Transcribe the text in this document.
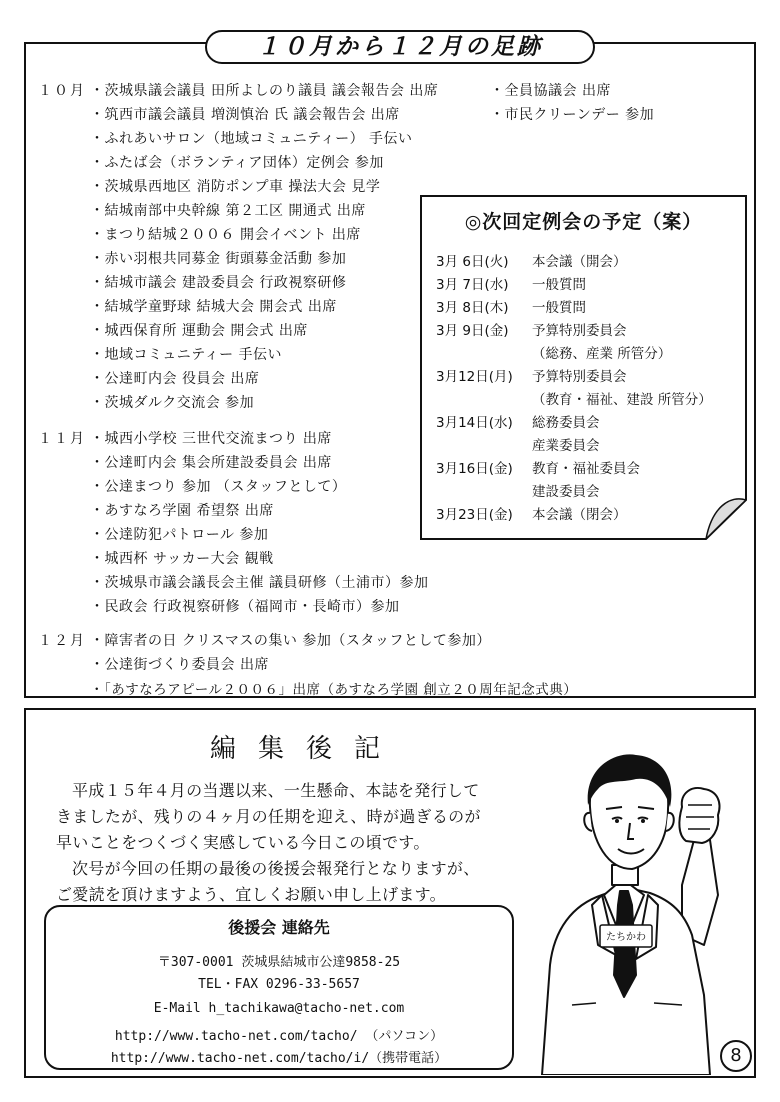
１０月から１２月の足跡
１０月 ・茨城県議会議員 田所よしのり議員 議会報告会 出席
・筑西市議会議員 増渕慎治 氏 議会報告会 出席
・ふれあいサロン（地域コミュニティー） 手伝い
・ふたば会（ボランティア団体）定例会 参加
・茨城県西地区 消防ポンプ車 操法大会 見学
・結城南部中央幹線 第２工区 開通式 出席
・まつり結城２００６ 開会イベント 出席
・赤い羽根共同募金 街頭募金活動 参加
・結城市議会 建設委員会 行政視察研修
・結城学童野球 結城大会 開会式 出席
・城西保育所 運動会 開会式 出席
・地域コミュニティー 手伝い
・公達町内会 役員会 出席
・茨城ダルク交流会 参加
・全員協議会 出席
・市民クリーンデー 参加
１１月 ・城西小学校 三世代交流まつり 出席
・公達町内会 集会所建設委員会 出席
・公達まつり 参加 （スタッフとして）
・あすなろ学園 希望祭 出席
・公達防犯パトロール 参加
・城西杯 サッカー大会 観戦
・茨城県市議会議長会主催 議員研修（土浦市）参加
・民政会 行政視察研修（福岡市・長崎市）参加
１２月 ・障害者の日 クリスマスの集い 参加（スタッフとして参加）
・公達街づくり委員会 出席
・「あすなろアピール２００６」出席（あすなろ学園 創立２０周年記念式典）
◎次回定例会の予定（案）
3月 6日(火) 本会議（開会）
3月 7日(水) 一般質問
3月 8日(木) 一般質問
3月 9日(金) 予算特別委員会
（総務、産業 所管分）
3月12日(月) 予算特別委員会
（教育・福祉、建設 所管分）
3月14日(水) 総務委員会
産業委員会
3月16日(金) 教育・福祉委員会
建設委員会
3月23日(金) 本会議（閉会）
編集後記
平成１５年４月の当選以来、一生懸命、本誌を発行して
きましたが、残りの４ヶ月の任期を迎え、時が過ぎるのが
早いことをつくづく実感している今日この頃です。
次号が今回の任期の最後の後援会報発行となりますが、
ご愛読を頂けますよう、宜しくお願い申し上げます。
たちかわ
後援会 連絡先
〒307-0001 茨城県結城市公達9858-25
TEL・FAX 0296-33-5657
E-Mail h_tachikawa@tacho-net.com
http://www.tacho-net.com/tacho/ （パソコン）
http://www.tacho-net.com/tacho/i/（携帯電話）	8
